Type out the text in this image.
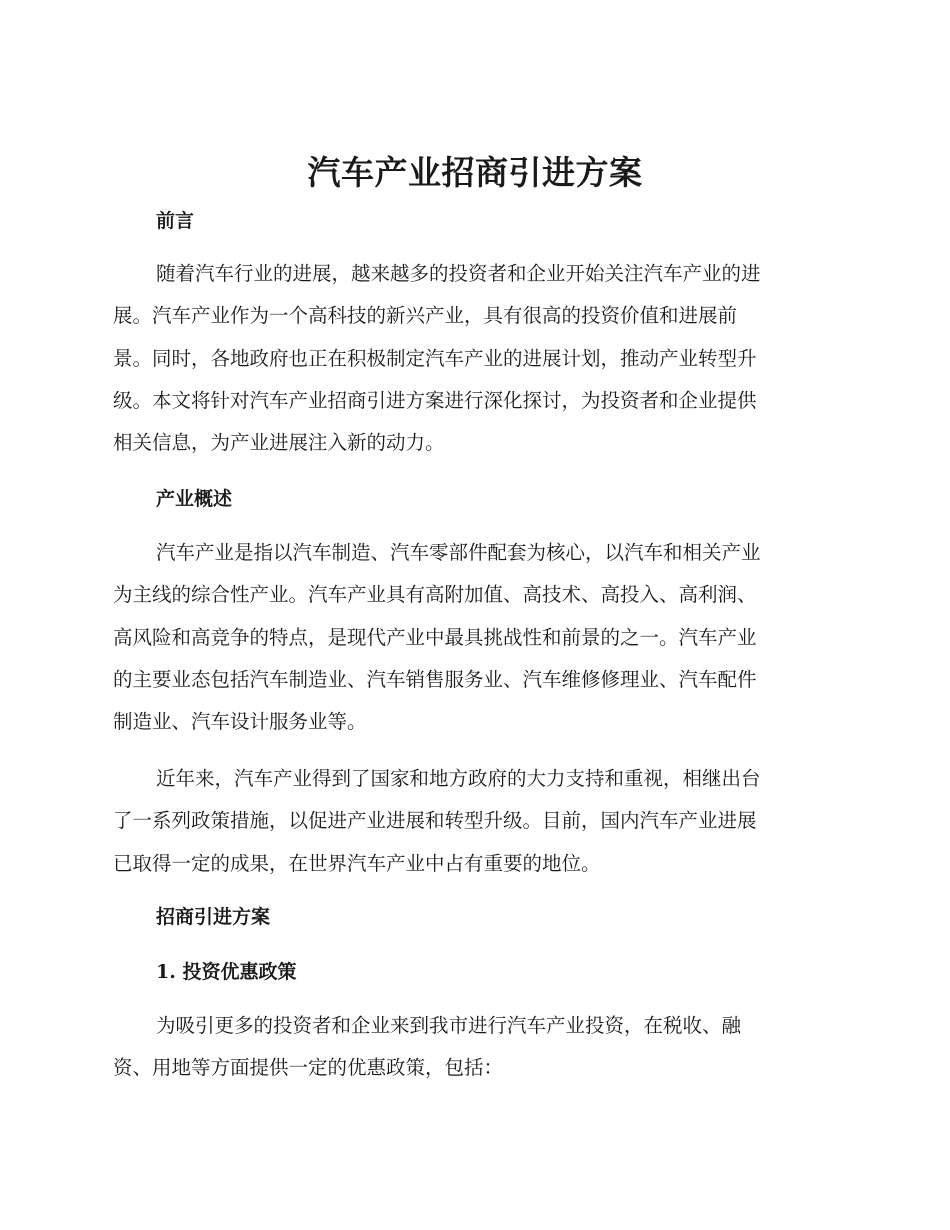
汽车产业招商引进方案
前言
随着汽车行业的进展，越来越多的投资者和企业开始关注汽车产业的进
展。汽车产业作为一个高科技的新兴产业，具有很高的投资价值和进展前
景。同时，各地政府也正在积极制定汽车产业的进展计划，推动产业转型升
级。本文将针对汽车产业招商引进方案进行深化探讨，为投资者和企业提供
相关信息，为产业进展注入新的动力。
产业概述
汽车产业是指以汽车制造、汽车零部件配套为核心，以汽车和相关产业
为主线的综合性产业。汽车产业具有高附加值、高技术、高投入、高利润、
高风险和高竞争的特点，是现代产业中最具挑战性和前景的之一。汽车产业
的主要业态包括汽车制造业、汽车销售服务业、汽车维修修理业、汽车配件
制造业、汽车设计服务业等。
近年来，汽车产业得到了国家和地方政府的大力支持和重视，相继出台
了一系列政策措施，以促进产业进展和转型升级。目前，国内汽车产业进展
已取得一定的成果，在世界汽车产业中占有重要的地位。
招商引进方案
1. 投资优惠政策
为吸引更多的投资者和企业来到我市进行汽车产业投资，在税收、融
资、用地等方面提供一定的优惠政策，包括：
